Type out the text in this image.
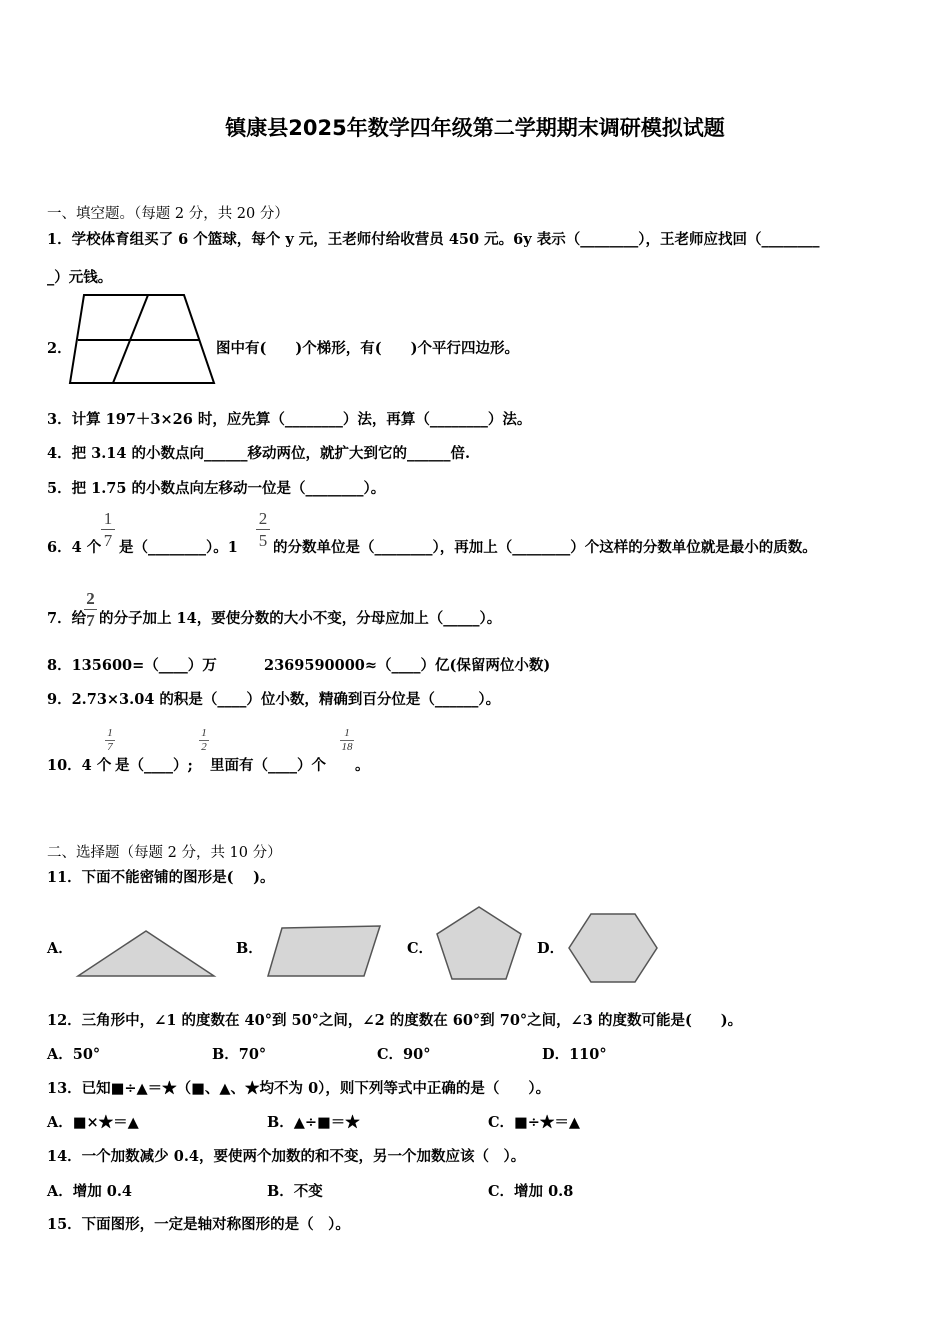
镇康县2025年数学四年级第二学期期末调研模拟试题
一、填空题。（每题 2 分，共 20 分）
1．学校体育组买了 6 个篮球，每个 y 元，王老师付给收营员 450 元。6y 表示（________），王老师应找回（________
_）元钱。
2．	图中有(　　)个梯形，有(　　)个平行四边形。
3．计算 197＋3×26 时，应先算（________）法，再算（________）法。
4．把 3.14 的小数点向______移动两位，就扩大到它的______倍.
5．把 1.75 的小数点向左移动一位是（________）。
6．4 个
1
7 是（________）。1
2
5 的分数单位是（________），再加上（________）个这样的分数单位就是最小的质数。
7．给
2
7 的分子加上 14，要使分数的大小不变，分母应加上（_____）。
8．135600=（____）万	2369590000≈（____）亿(保留两位小数)
9．2.73×3.04 的积是（____）位小数，精确到百分位是（______）。
10．4 个
1
7
是（____）;
1
2
里面有（____）个
1
18
。
二、选择题（每题 2 分，共 10 分）
11．下面不能密铺的图形是(　 )。
A．	B．	C．	D．
12．三角形中，∠1 的度数在 40°到 50°之间，∠2 的度数在 60°到 70°之间，∠3 的度数可能是(　　)。
A．50°	B．70°	C．90°	D．110°
13．已知■÷▲＝★（■、▲、★均不为 0），则下列等式中正确的是（　　）。
A．■×★＝▲	B．▲÷■＝★	C．■÷★＝▲
14．一个加数减少 0.4，要使两个加数的和不变，另一个加数应该（　）。
A．增加 0.4	B．不变	C．增加 0.8
15．下面图形，一定是轴对称图形的是（　）。
